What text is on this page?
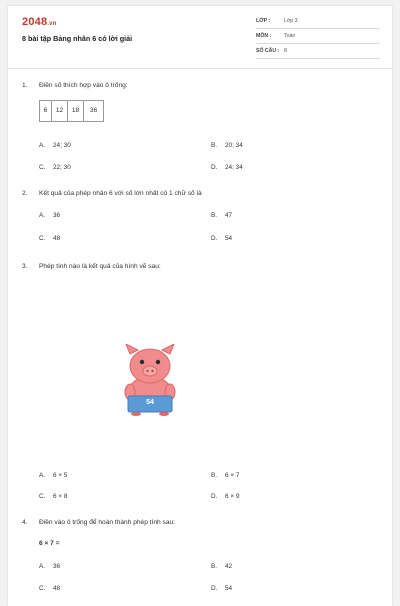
2048.vn
8 bài tập Bảng nhân 6 có lời giải
LỚP :	Lớp 3
MÔN : Toán
SỐ CÂU : 8
1. Điền số thích hợp vào ô trống:
6	12	18	36
A. 24; 30	B. 20; 34
C. 22; 30	D. 24; 34
2. Kết quả của phép nhân 6 với số lớn nhất có 1 chữ số là
A. 36	B. 47
C. 48	D. 54
3. Phép tính nào là kết quả của hình vẽ sau:
54
A. 6 × 5	B. 6 × 7
C. 6 × 8	D. 6 × 9
4. Điền vào ô trống để hoàn thành phép tính sau:
6 × 7 =
A. 36	B. 42
C. 48	D. 54
